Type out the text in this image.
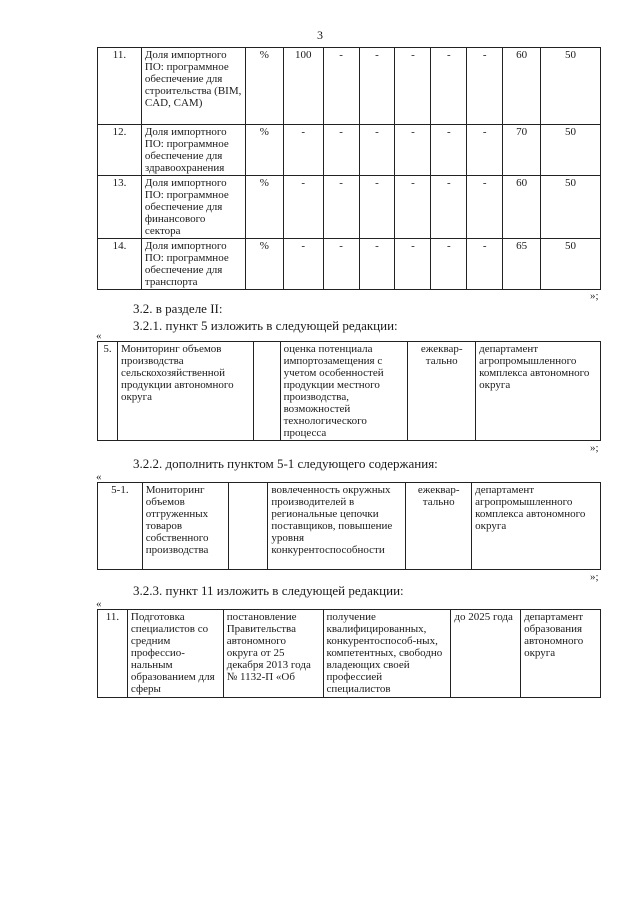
3
11.	Доля импортного ПО: программное обеспечение для строительства (BIM, CAD, CAM)	%	100	-	-	-	-	-	60	50
12.	Доля импортного ПО: программное обеспечение для здравоохранения	%	-	-	-	-	-	-	70	50
13.	Доля импортного ПО: программное обеспечение для финансового сектора	%	-	-	-	-	-	-	60	50
14.	Доля импортного ПО: программное обеспечение для транспорта	%	-	-	-	-	-	-	65	50
»;
3.2. в разделе II:
3.2.1. пункт 5 изложить в следующей редакции:
«
5.	Мониторинг объемов производства сельскохозяйственной продукции автономного округа		оценка потенциала импортозамещения с учетом особенностей продукции местного производства, возможностей технологического процесса	ежеквар-тально	департамент агропромышленного комплекса автономного округа
»;
3.2.2. дополнить пунктом 5-1 следующего содержания:
«
5-1.	Мониторинг объемов отгруженных товаров собственного производства		вовлеченность окружных производителей в региональные цепочки поставщиков, повышение уровня конкурентоспособности	ежеквар-тально	департамент агропромышленного комплекса автономного округа
»;
3.2.3. пункт 11 изложить в следующей редакции:
«
11.	Подготовка специалистов со средним профессио-нальным образованием для сферы	постановление Правительства автономного округа от 25 декабря 2013 года № 1132-П «Об	получение квалифицированных, конкурентоспособ-ных, компетентных, свободно владеющих своей профессией специалистов	до 2025 года	департамент образования автономного округа
